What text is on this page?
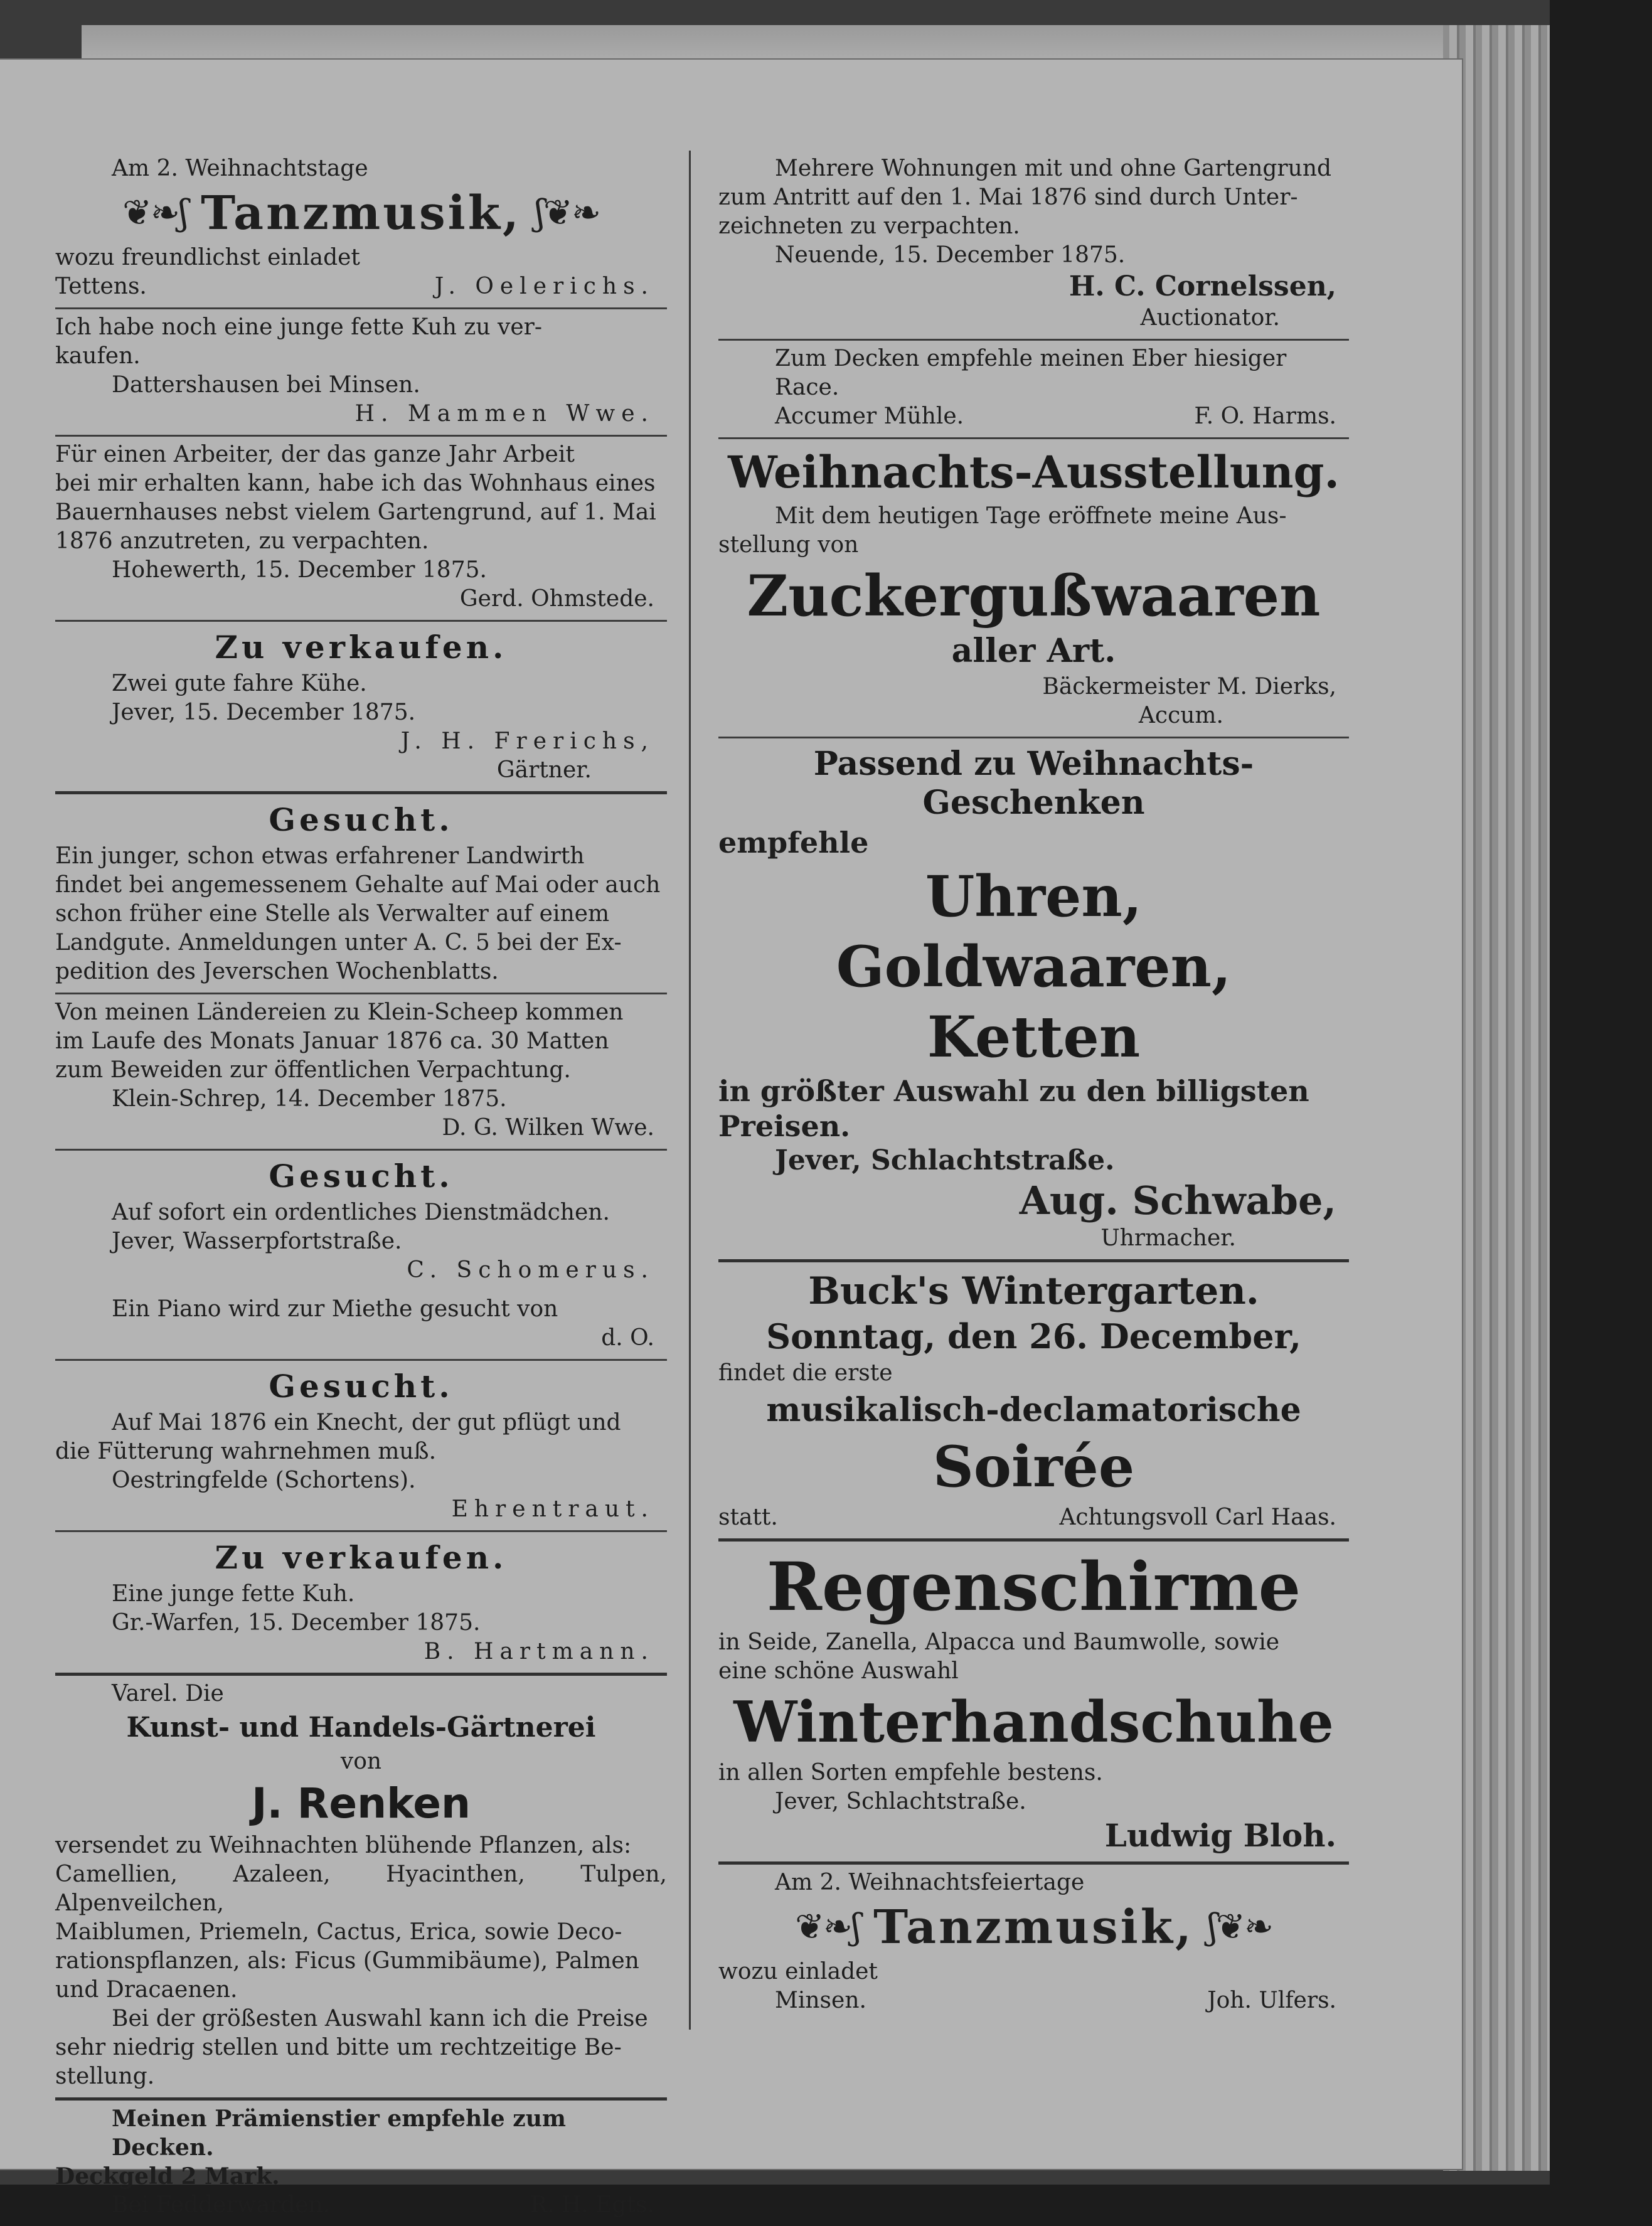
Am 2. Weihnachtstage

❦❧ʃ Tanzmusik, ʃ❦❧

wozu freundlichst einladet

Tettens.	J. Oelerichs.

Ich habe noch eine junge fette Kuh zu ver-

kaufen.

Dattershausen bei Minsen.

H. Mammen Wwe.

Für einen Arbeiter, der das ganze Jahr Arbeit

bei mir erhalten kann, habe ich das Wohnhaus eines

Bauernhauses nebst vielem Gartengrund, auf 1. Mai

1876 anzutreten, zu verpachten.

Hohewerth, 15. December 1875.

Gerd. Ohmstede.

Zu verkaufen.

Zwei gute fahre Kühe.

Jever, 15. December 1875.

J. H. Frerichs,

Gärtner.

Gesucht.

Ein junger, schon etwas erfahrener Landwirth

findet bei angemessenem Gehalte auf Mai oder auch

schon früher eine Stelle als Verwalter auf einem

Landgute. Anmeldungen unter A. C. 5 bei der Ex-

pedition des Jeverschen Wochenblatts.

Von meinen Ländereien zu Klein-Scheep kommen

im Laufe des Monats Januar 1876 ca. 30 Matten

zum Beweiden zur öffentlichen Verpachtung.

Klein-Schrep, 14. December 1875.

D. G. Wilken Wwe.

Gesucht.

Auf sofort ein ordentliches Dienstmädchen.

Jever, Wasserpfortstraße.

C. Schomerus.

Ein Piano wird zur Miethe gesucht von

d. O.

Gesucht.

Auf Mai 1876 ein Knecht, der gut pflügt und

die Fütterung wahrnehmen muß.

Oestringfelde (Schortens).

Ehrentraut.

Zu verkaufen.

Eine junge fette Kuh.

Gr.-Warfen, 15. December 1875.

B. Hartmann.

Varel. Die

Kunst- und Handels-Gärtnerei

von

J. Renken

versendet zu Weihnachten blühende Pflanzen, als:

Camellien, Azaleen, Hyacinthen, Tulpen, Alpenveilchen,

Maiblumen, Priemeln, Cactus, Erica, sowie Deco-

rationspflanzen, als: Ficus (Gummibäume), Palmen

und Dracaenen.

Bei der größesten Auswahl kann ich die Preise

sehr niedrig stellen und bitte um rechtzeitige Be-

stellung.

Meinen Prämienstier empfehle zum Decken.

Deckgeld 2 Mark.

Bei Fedderwarden.	R. H. Egts.

Mehrere Wohnungen mit und ohne Gartengrund

zum Antritt auf den 1. Mai 1876 sind durch Unter-

zeichneten zu verpachten.

Neuende, 15. December 1875.

H. C. Cornelssen,

Auctionator.

Zum Decken empfehle meinen Eber hiesiger Race.

Accumer Mühle.	F. O. Harms.

Weihnachts-Ausstellung.

Mit dem heutigen Tage eröffnete meine Aus-

stellung von

Zuckergußwaaren

aller Art.

Bäckermeister M. Dierks,

Accum.

Passend zu Weihnachts-Geschenken

empfehle

Uhren,

Goldwaaren,

Ketten

in größter Auswahl zu den billigsten

Preisen.

Jever, Schlachtstraße.

Aug. Schwabe,

Uhrmacher.

Buck's Wintergarten.

Sonntag, den 26. December,

findet die erste

musikalisch-declamatorische

Soirée

statt.	Achtungsvoll Carl Haas.

Regenschirme

in Seide, Zanella, Alpacca und Baumwolle, sowie

eine schöne Auswahl

Winterhandschuhe

in allen Sorten empfehle bestens.

Jever, Schlachtstraße.

Ludwig Bloh.

Am 2. Weihnachtsfeiertage

❦❧ʃ Tanzmusik, ʃ❦❧

wozu einladet

Minsen.	Joh. Ulfers.
